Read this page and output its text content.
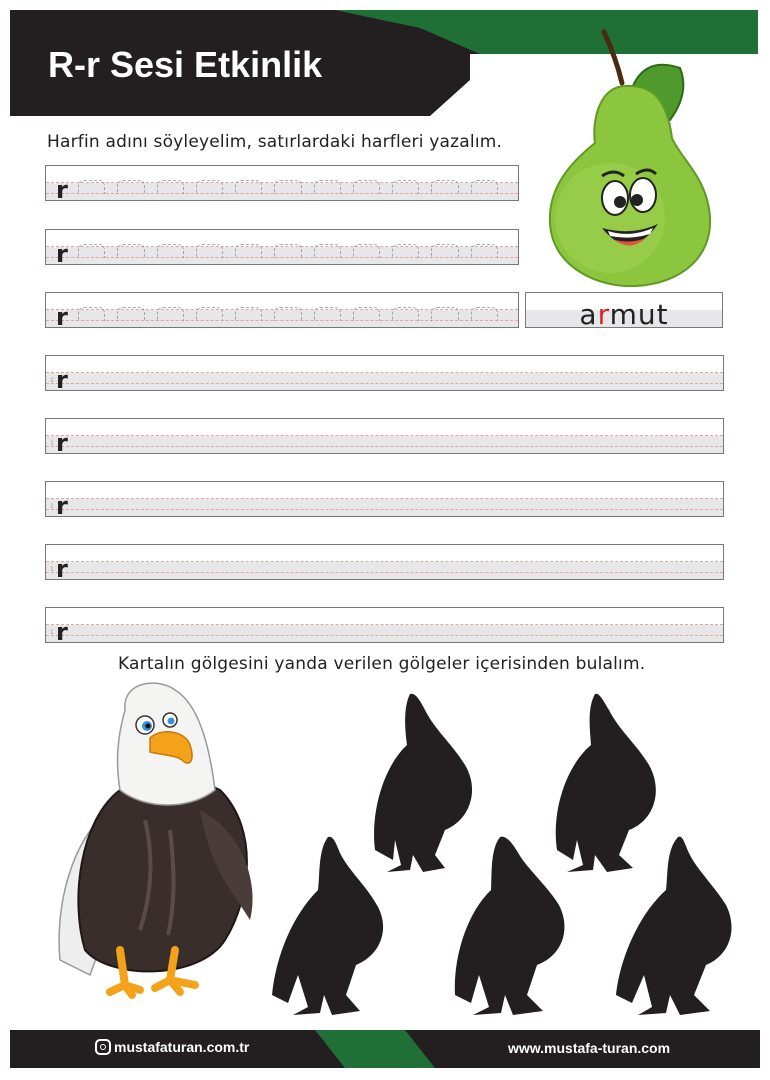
R-r Sesi Etkinlik
Harfin adını söyleyelim, satırlardaki harfleri yazalım.
r
r
r	armut
1 r
1 r
1 r
1 r
1 r
Kartalın gölgesini yanda verilen gölgeler içerisinden bulalım.
mustafaturan.com.tr	www.mustafa-turan.com
